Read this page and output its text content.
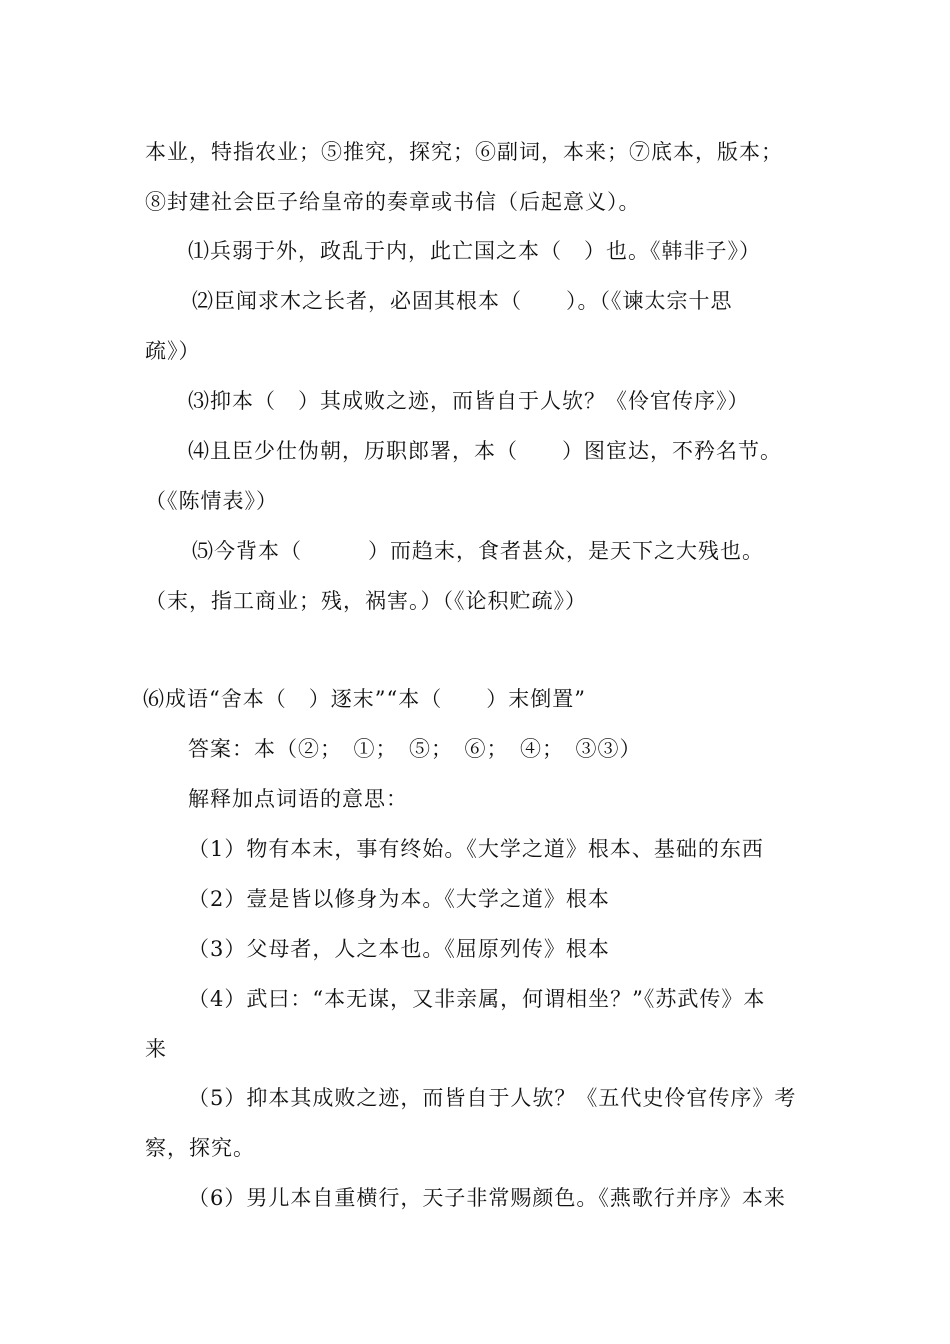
本业，特指农业；⑤推究，探究；⑥副词，本来；⑦底本，版本；
⑧封建社会臣子给皇帝的奏章或书信（后起意义）。
⑴兵弱于外，政乱于内，此亡国之本（　）也。《韩非子》）
⑵臣闻求木之长者，必固其根本（　　）。（《谏太宗十思
疏》）
⑶抑本（　）其成败之迹，而皆自于人欤？《伶官传序》）
⑷且臣少仕伪朝，历职郎署，本（　　）图宦达，不矜名节。
（《陈情表》）
⑸今背本（　　　）而趋末，食者甚众，是天下之大残也。
（末，指工商业；残，祸害。）（《论积贮疏》）
⑹成语“舍本（　）逐末”“本（　　）末倒置”
答案：本（②；　①；　⑤；　⑥；　④；　③③）
解释加点词语的意思：
（1）物有本末，事有终始。《大学之道》根本、基础的东西
（2）壹是皆以修身为本。《大学之道》根本
（3）父母者，人之本也。《屈原列传》根本
（4）武曰：“本无谋，又非亲属，何谓相坐？”《苏武传》本
来
（5）抑本其成败之迹，而皆自于人欤？《五代史伶官传序》考
察，探究。
（6）男儿本自重横行，天子非常赐颜色。《燕歌行并序》本来
